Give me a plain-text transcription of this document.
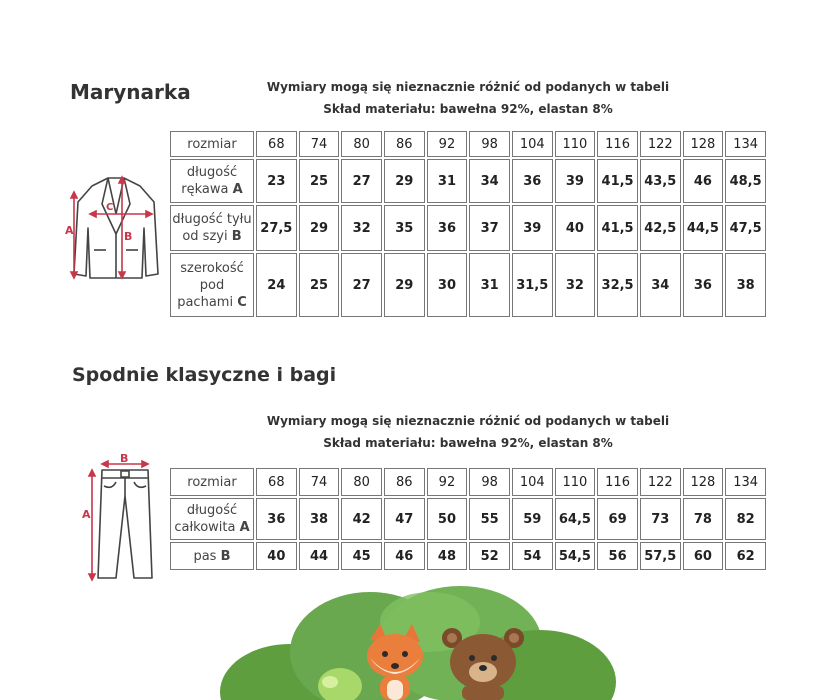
Marynarka	Wymiary mogą się nieznacznie różnić od podanych w tabeli
Skład materiału: bawełna 92%, elastan 8%
A	B
C
rozmiar	68	74	80	86	92	98	104	110	116	122	128	134
długość rękawa A	23	25	27	29	31	34	36	39	41,5	43,5	46	48,5
długość tyłu od szyi B	27,5	29	32	35	36	37	39	40	41,5	42,5	44,5	47,5
szerokość pod pachami C	24	25	27	29	30	31	31,5	32	32,5	34	36	38
Spodnie klasyczne i bagi
Wymiary mogą się nieznacznie różnić od podanych w tabeli
Skład materiału: bawełna 92%, elastan 8%
B
A
rozmiar	68	74	80	86	92	98	104	110	116	122	128	134
długość całkowita A	36	38	42	47	50	55	59	64,5	69	73	78	82
pas B	40	44	45	46	48	52	54	54,5	56	57,5	60	62
